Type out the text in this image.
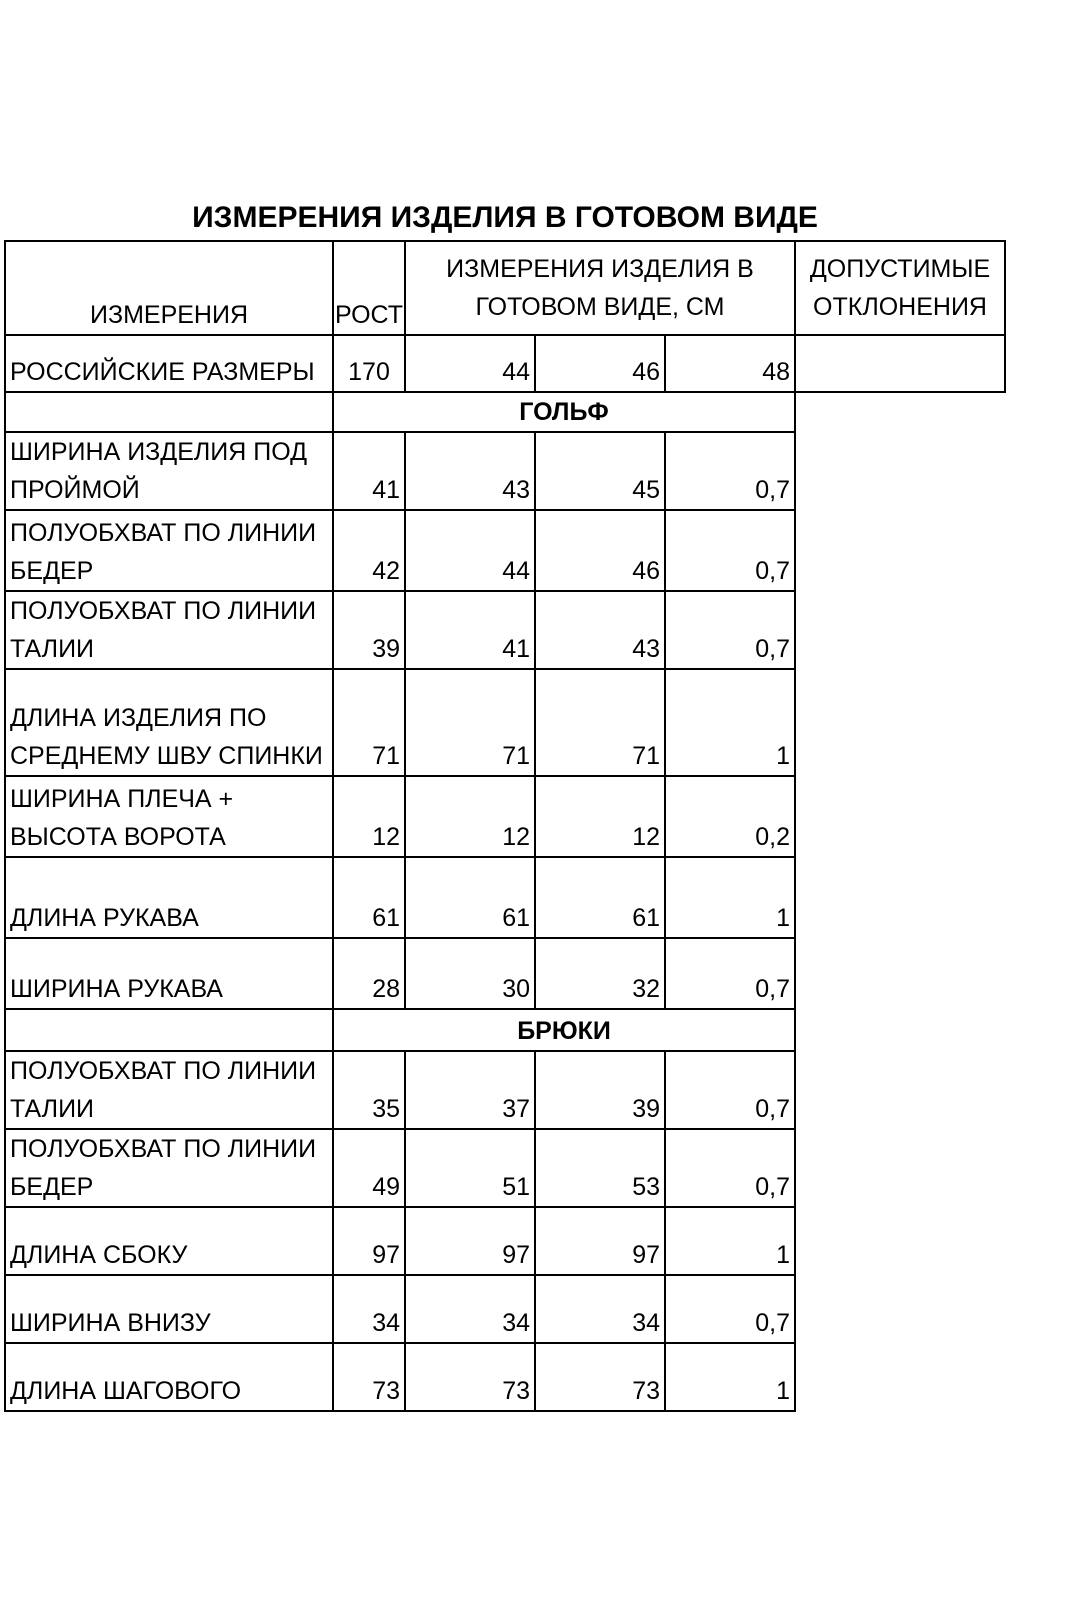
ИЗМЕРЕНИЯ ИЗДЕЛИЯ В ГОТОВОМ ВИДЕ
ИЗМЕРЕНИЯ	РОСТ	ИЗМЕРЕНИЯ ИЗДЕЛИЯ В ГОТОВОМ ВИДЕ, СМ			ДОПУСТИМЫЕ ОТКЛОНЕНИЯ
РОССИЙСКИЕ РАЗМЕРЫ	170	44	46	48	
	ГОЛЬФ				
ШИРИНА ИЗДЕЛИЯ ПОД ПРОЙМОЙ	41	43	45	0,7	
ПОЛУОБХВАТ ПО ЛИНИИ БЕДЕР	42	44	46	0,7	
ПОЛУОБХВАТ ПО ЛИНИИ ТАЛИИ	39	41	43	0,7	
ДЛИНА ИЗДЕЛИЯ ПО СРЕДНЕМУ ШВУ СПИНКИ	71	71	71	1	
ШИРИНА ПЛЕЧА + ВЫСОТА ВОРОТА	12	12	12	0,2	
ДЛИНА РУКАВА	61	61	61	1	
ШИРИНА РУКАВА	28	30	32	0,7	
	БРЮКИ				
ПОЛУОБХВАТ ПО ЛИНИИ ТАЛИИ	35	37	39	0,7	
ПОЛУОБХВАТ ПО ЛИНИИ БЕДЕР	49	51	53	0,7	
ДЛИНА СБОКУ	97	97	97	1	
ШИРИНА ВНИЗУ	34	34	34	0,7	
ДЛИНА ШАГОВОГО	73	73	73	1	
